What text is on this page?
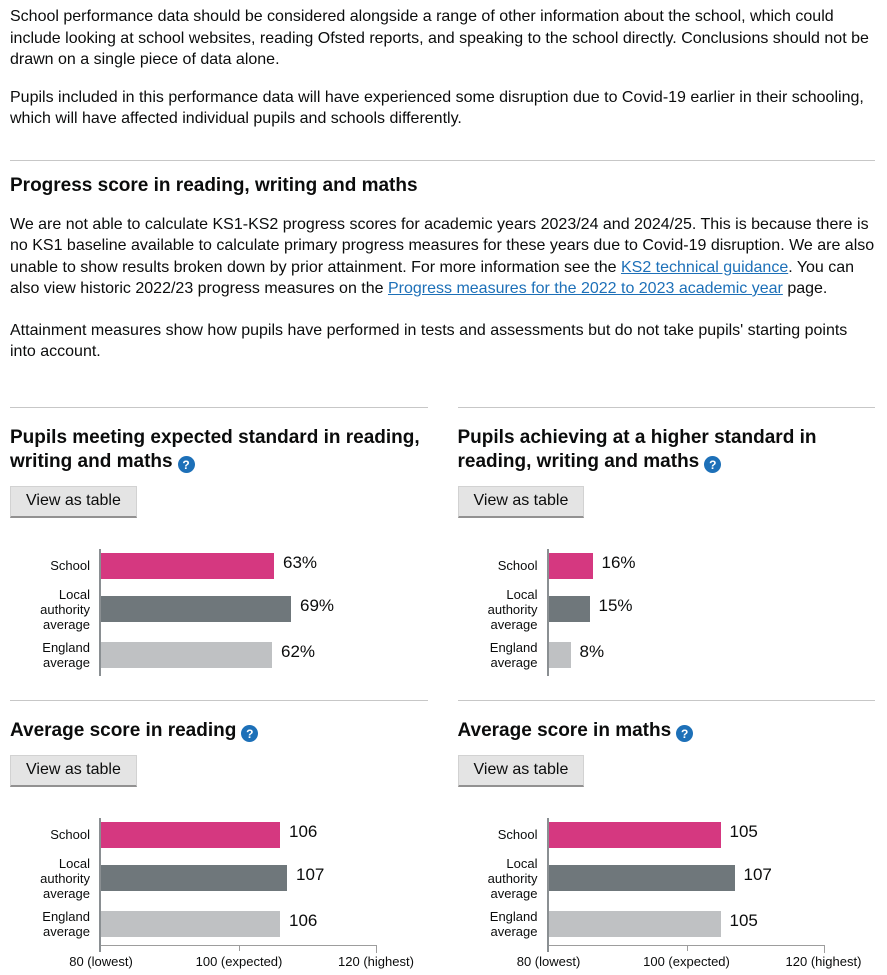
School performance data should be considered alongside a range of other information about the school, which could include looking at school websites, reading Ofsted reports, and speaking to the school directly. Conclusions should not be drawn on a single piece of data alone.

Pupils included in this performance data will have experienced some disruption due to Covid-19 earlier in their schooling, which will have affected individual pupils and schools differently.

Progress score in reading, writing and maths

We are not able to calculate KS1-KS2 progress scores for academic years 2023/24 and 2024/25. This is because there is no KS1 baseline available to calculate primary progress measures for these years due to Covid-19 disruption. We are also unable to show results broken down by prior attainment. For more information see the KS2 technical guidance. You can also view historic 2022/23 progress measures on the Progress measures for the 2022 to 2023 academic year page.

Attainment measures show how pupils have performed in tests and assessments but do not take pupils' starting points into account.

Pupils meeting expected standard in reading, writing and maths ?
View as table
School	63%
Local authority average
69%
England average
62%
Pupils achieving at a higher standard in reading, writing and maths ?
View as table
School	16%
Local authority average
15%
England average
8%
Average score in reading ?
View as table
School	106
Local authority average
107
England average
106
80 (lowest)	100 (expected)	120 (highest)
Average score in maths ?
View as table
School	105
Local authority average
107
England average
105
80 (lowest)	100 (expected)	120 (highest)
